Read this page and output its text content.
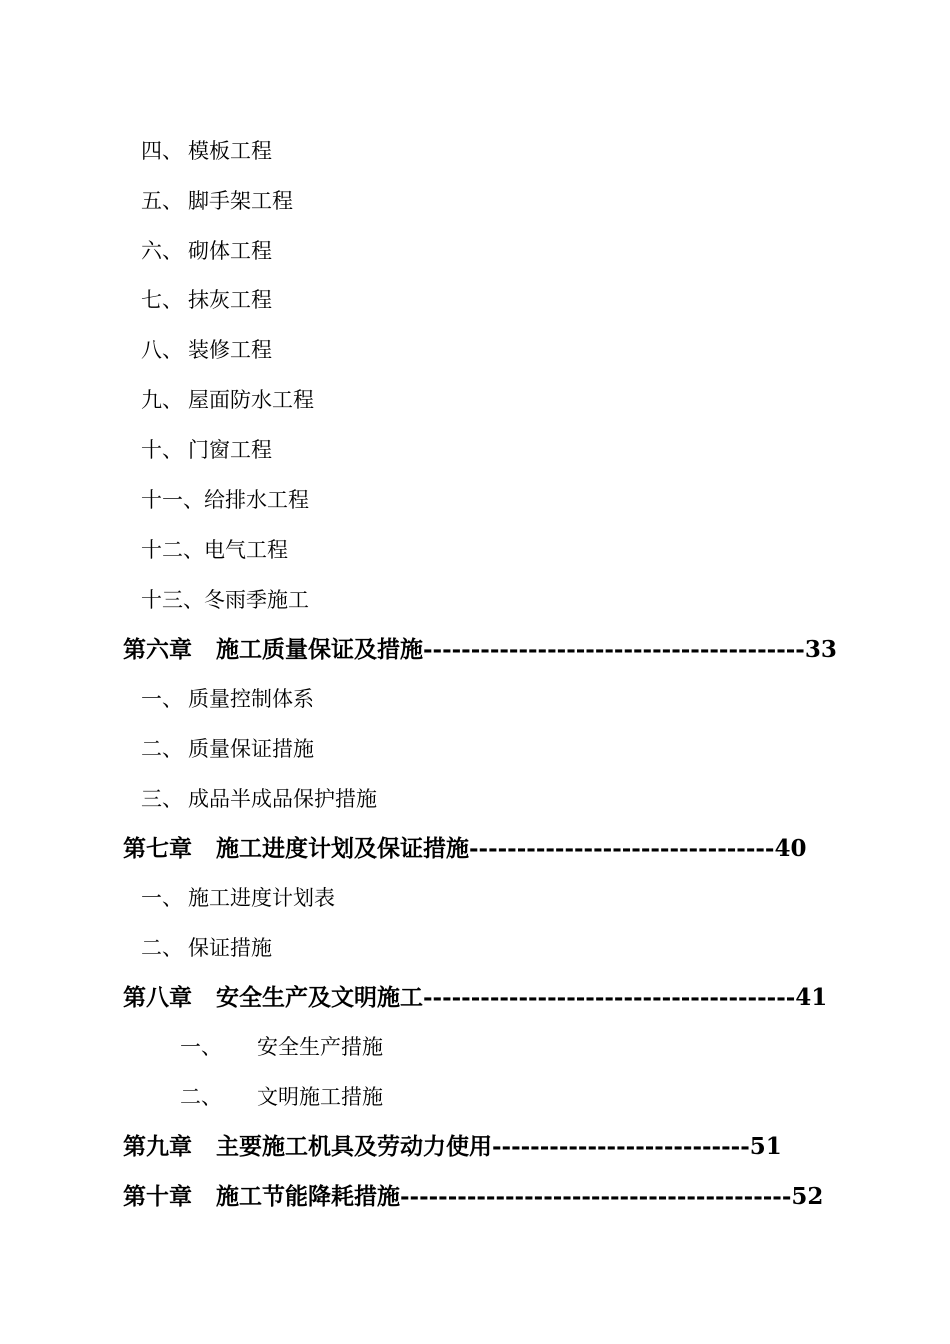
四、 模板工程
五、 脚手架工程
六、 砌体工程
七、 抹灰工程
八、 装修工程
九、 屋面防水工程
十、 门窗工程
十一、给排水工程
十二、电气工程
十三、冬雨季施工
第六章 施工质量保证及措施----------------------------------------33
一、 质量控制体系
二、 质量保证措施
三、 成品半成品保护措施
第七章 施工进度计划及保证措施--------------------------------40
一、 施工进度计划表
二、 保证措施
第八章 安全生产及文明施工---------------------------------------41
一、 安全生产措施
二、 文明施工措施
第九章 主要施工机具及劳动力使用---------------------------51
第十章 施工节能降耗措施-----------------------------------------52
